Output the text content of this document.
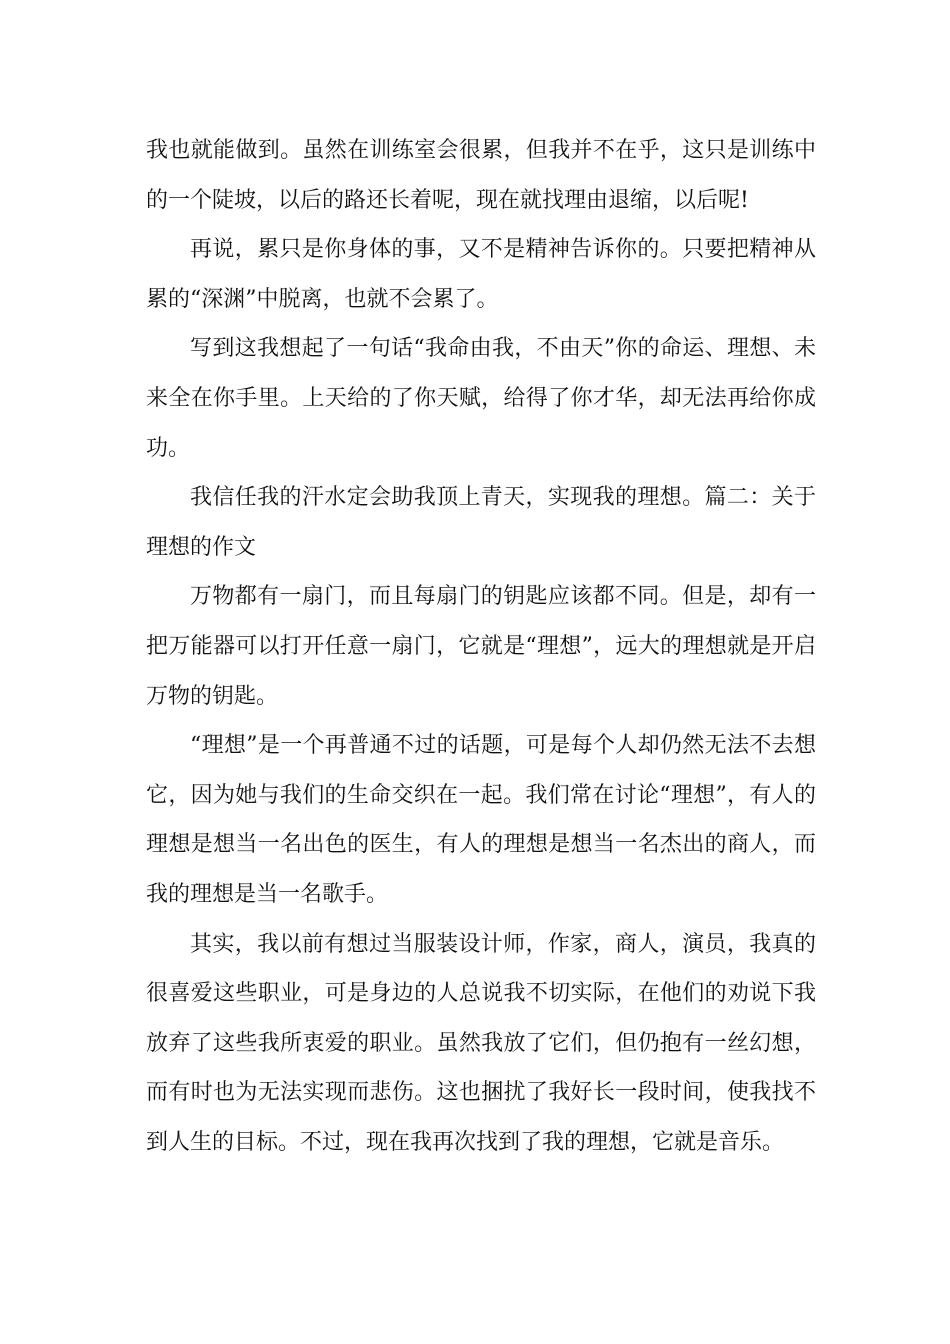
我也就能做到。虽然在训练室会很累，但我并不在乎，这只是训练中的一个陡坡，以后的路还长着呢，现在就找理由退缩，以后呢!

再说，累只是你身体的事，又不是精神告诉你的。只要把精神从累的“深渊”中脱离，也就不会累了。

写到这我想起了一句话“我命由我，不由天”你的命运、理想、未来全在你手里。上天给的了你天赋，给得了你才华，却无法再给你成功。

我信任我的汗水定会助我顶上青天，实现我的理想。篇二：关于理想的作文

万物都有一扇门，而且每扇门的钥匙应该都不同。但是，却有一把万能器可以打开任意一扇门，它就是“理想”，远大的理想就是开启万物的钥匙。

“理想”是一个再普通不过的话题，可是每个人却仍然无法不去想它，因为她与我们的生命交织在一起。我们常在讨论“理想”，有人的理想是想当一名出色的医生，有人的理想是想当一名杰出的商人，而我的理想是当一名歌手。

其实，我以前有想过当服装设计师，作家，商人，演员，我真的很喜爱这些职业，可是身边的人总说我不切实际，在他们的劝说下我放弃了这些我所衷爱的职业。虽然我放了它们，但仍抱有一丝幻想，而有时也为无法实现而悲伤。这也捆扰了我好长一段时间，使我找不到人生的目标。不过，现在我再次找到了我的理想，它就是音乐。
